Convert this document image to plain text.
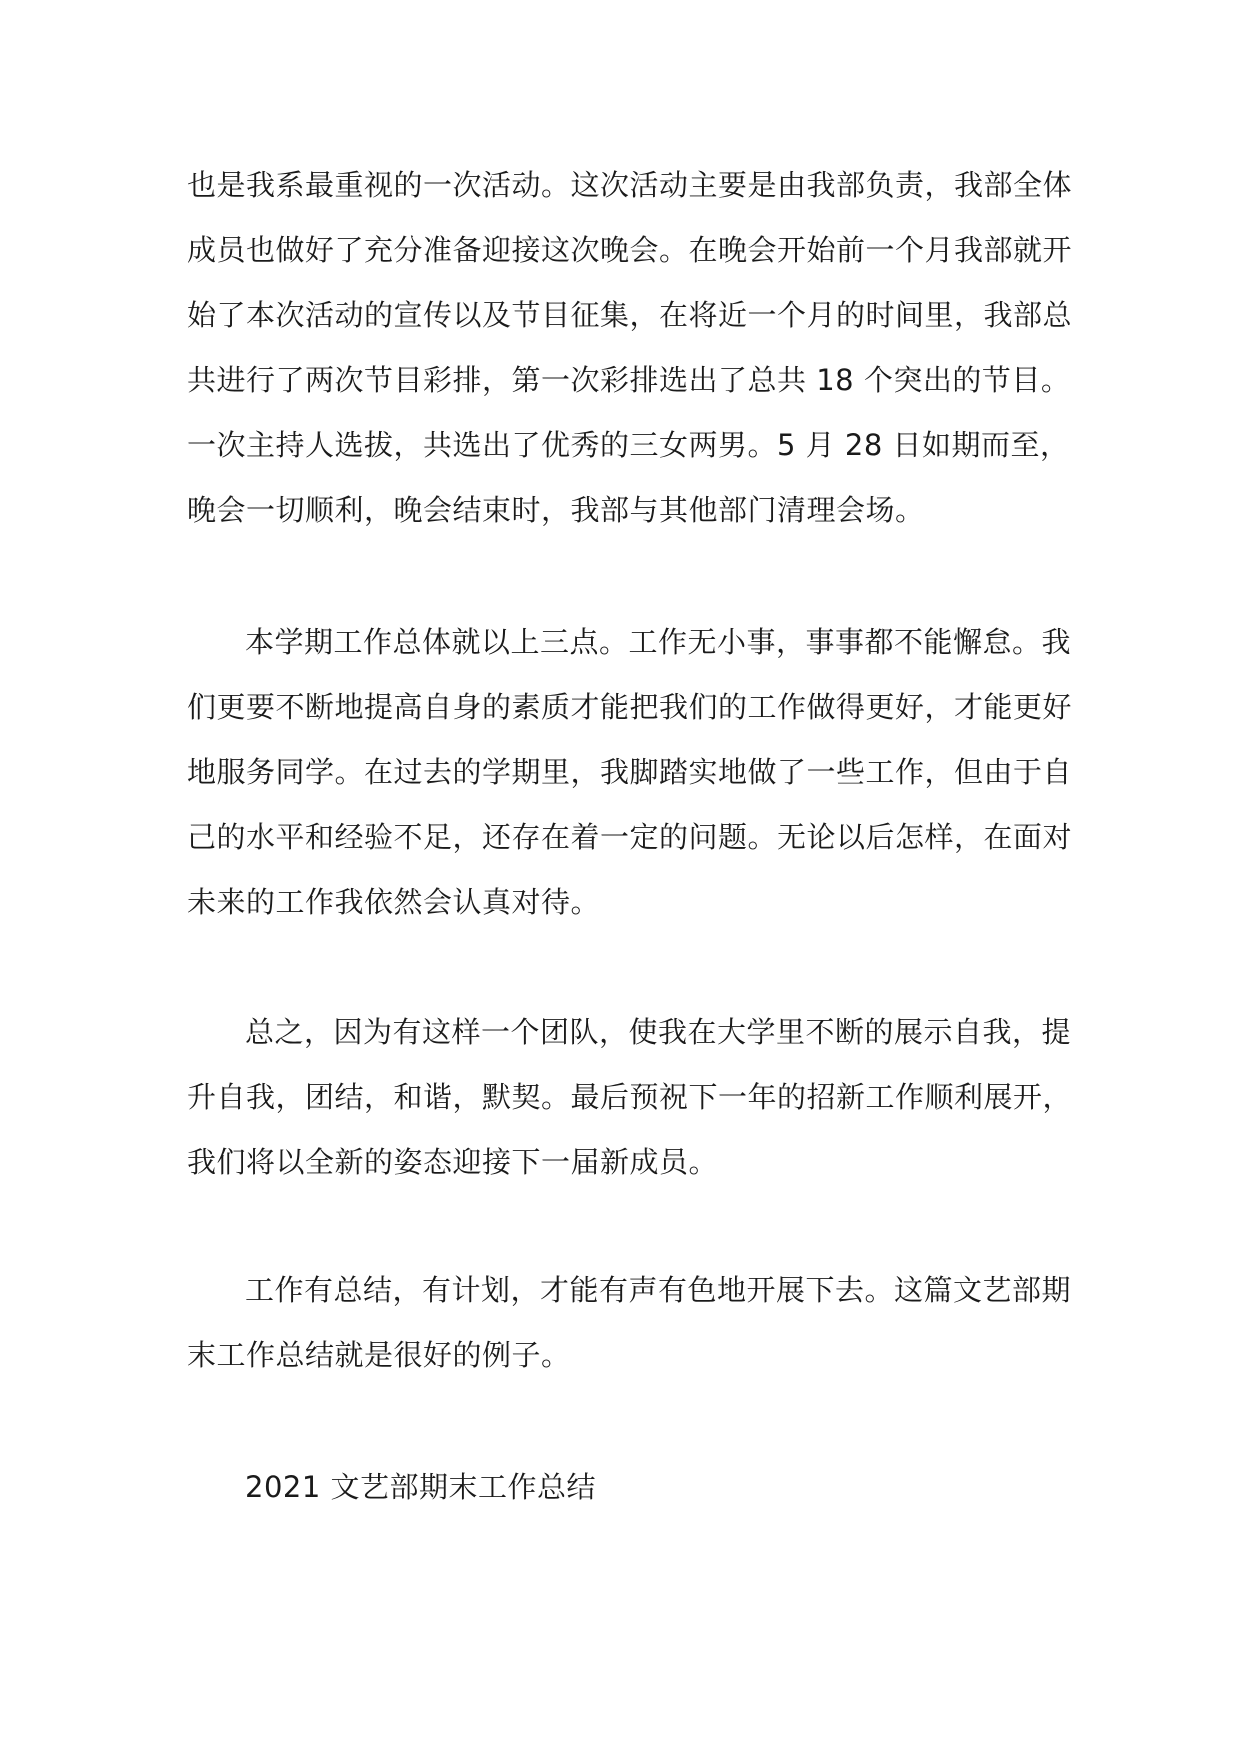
也是我系最重视的一次活动。这次活动主要是由我部负责，我部全体
成员也做好了充分准备迎接这次晚会。在晚会开始前一个月我部就开
始了本次活动的宣传以及节目征集，在将近一个月的时间里，我部总
共进行了两次节目彩排，第一次彩排选出了总共 18 个突出的节目。
一次主持人选拔，共选出了优秀的三女两男。5 月 28 日如期而至，
晚会一切顺利，晚会结束时，我部与其他部门清理会场。
本学期工作总体就以上三点。工作无小事，事事都不能懈怠。我
们更要不断地提高自身的素质才能把我们的工作做得更好，才能更好
地服务同学。在过去的学期里，我脚踏实地做了一些工作，但由于自
己的水平和经验不足，还存在着一定的问题。无论以后怎样，在面对
未来的工作我依然会认真对待。
总之，因为有这样一个团队，使我在大学里不断的展示自我，提
升自我，团结，和谐，默契。最后预祝下一年的招新工作顺利展开，
我们将以全新的姿态迎接下一届新成员。
工作有总结，有计划，才能有声有色地开展下去。这篇文艺部期
末工作总结就是很好的例子。
2021 文艺部期末工作总结
